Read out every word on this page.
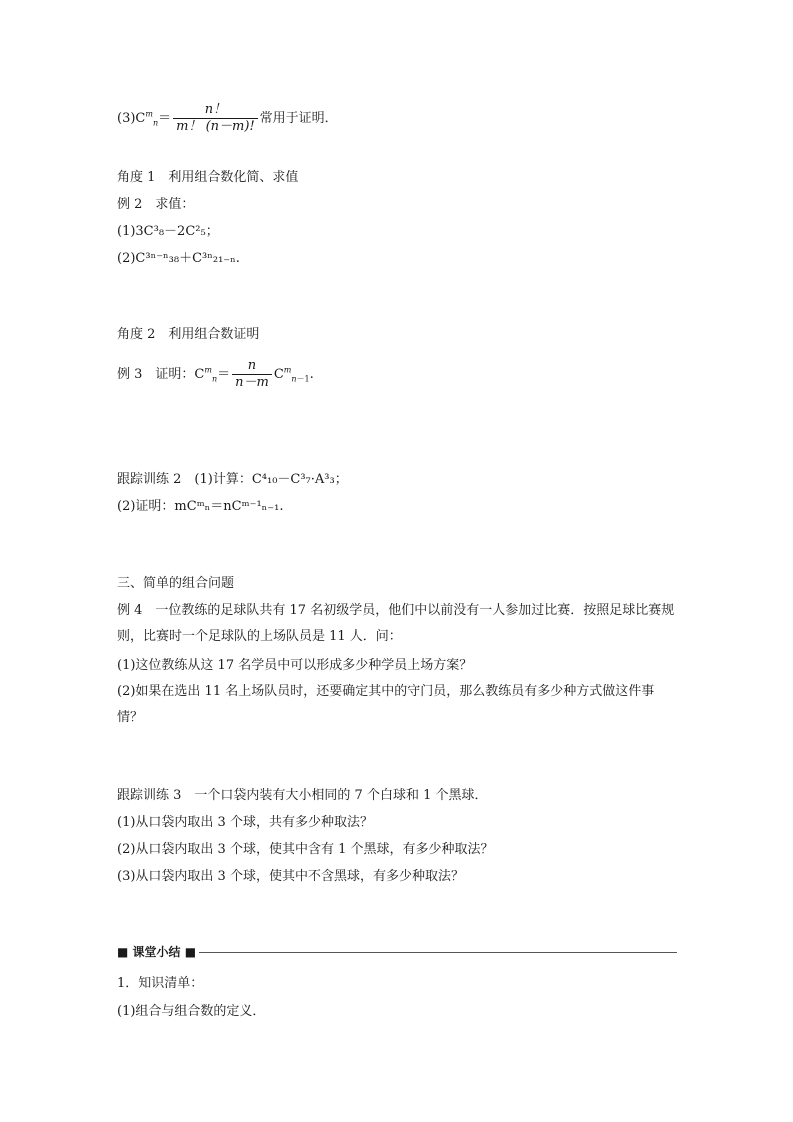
$(3)C^m_n= \frac{n!}{m! (n-m)!}$ 常用于证明．
角度 1　利用组合数化简、求值
例 2　求值：
(1)3C³₈－2C²₅；
(2)C³ⁿ⁻ⁿ₃₈＋C³ⁿ₂₁₋ₙ.
角度 2　利用组合数证明
例 3　证明：$C^m_n= \frac{n}{n-m} C^m_{n-1}$.
跟踪训练 2　(1)计算：C⁴₁₀－C³₇·A³₃；
(2)证明：mCᵐₙ＝nCᵐ⁻¹ₙ₋₁.
三、简单的组合问题
例 4　一位教练的足球队共有 17 名初级学员，他们中以前没有一人参加过比赛．按照足球比赛规则，比赛时一个足球队的上场队员是 11 人．问：
(1)这位教练从这 17 名学员中可以形成多少种学员上场方案？
(2)如果在选出 11 名上场队员时，还要确定其中的守门员，那么教练员有多少种方式做这件事情？
跟踪训练 3　一个口袋内装有大小相同的 7 个白球和 1 个黑球．
(1)从口袋内取出 3 个球，共有多少种取法？
(2)从口袋内取出 3 个球，使其中含有 1 个黑球，有多少种取法？
(3)从口袋内取出 3 个球，使其中不含黑球，有多少种取法？
■ 课堂小结 ■
1．知识清单：
(1)组合与组合数的定义．
